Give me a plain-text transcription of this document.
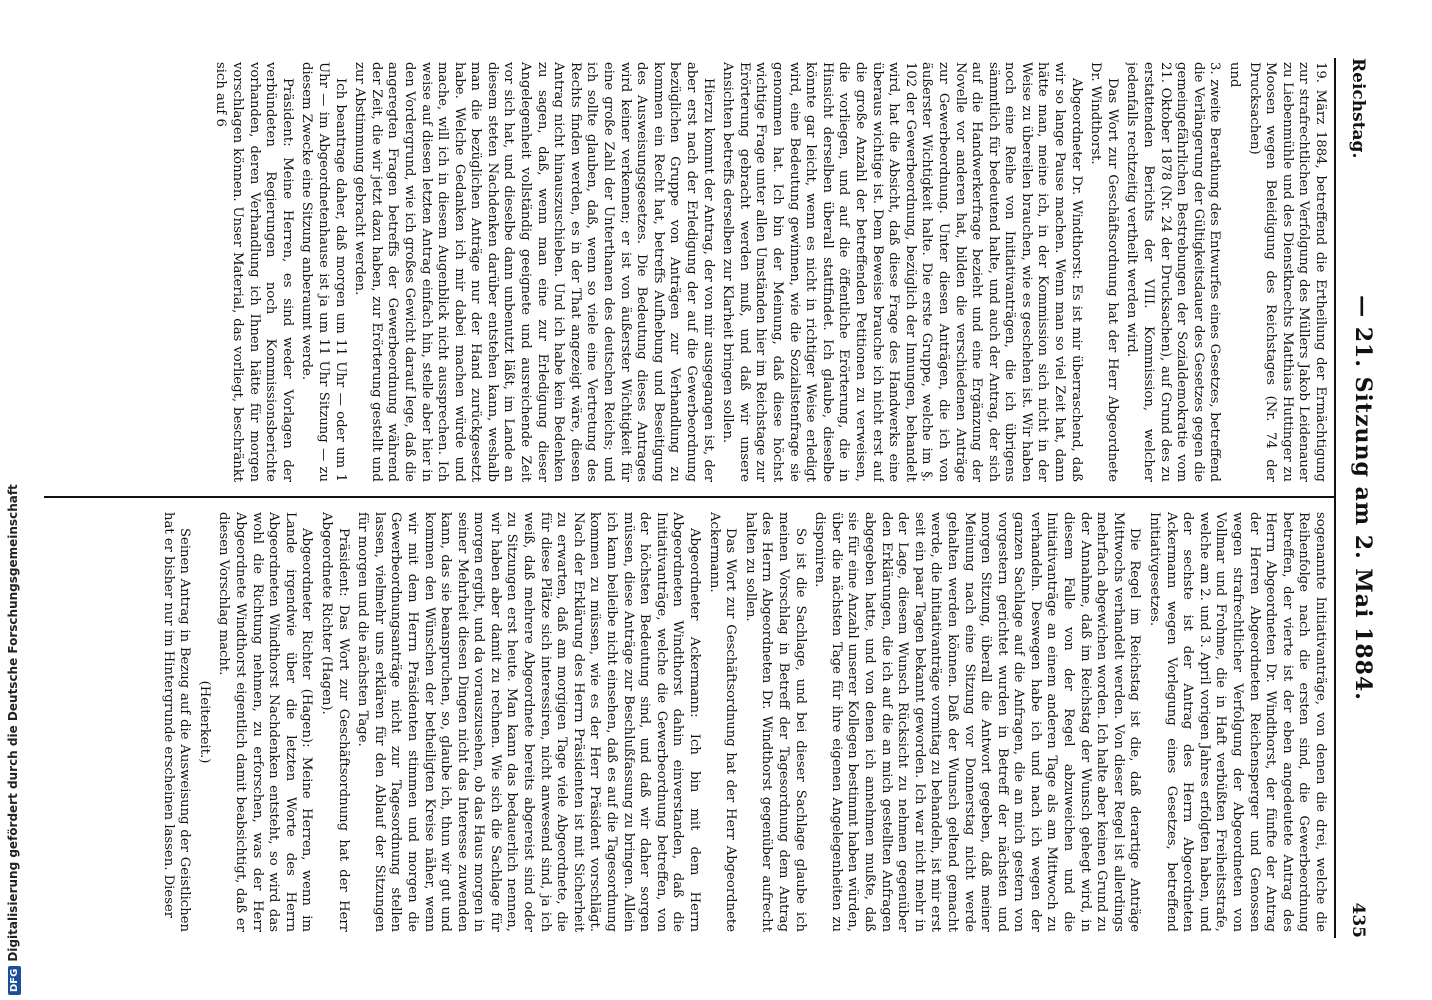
Reichstag.
— 21. Sitzung am 2. Mai 1884.
435

19. März 1884, betreffend die Ertheilung der Ermächtigung zur strafrechtlichen Verfolgung des Müllers Jakob Leidenauer zu Liebenmühle und des Dienstknechts Matthias Huttinger zu Moosen wegen Beleidigung des Reichstages (Nr. 74 der Drucksachen)

und

3. zweite Berathung des Entwurfes eines Gesetzes, betreffend die Verlängerung der Gültigkeitsdauer des Gesetzes gegen die gemeingefährlichen Bestrebungen der Sozialdemokratie vom 21. Oktober 1878 (Nr. 24 der Drucksachen), auf Grund des zu erstattenden Berichts der VIII. Kommission, welcher jedenfalls rechtzeitig vertheilt werden wird.

Das Wort zur Geschäftsordnung hat der Herr Abgeordnete Dr. Windthorst.

Abgeordneter Dr. Windthorst: Es ist mir überraschend, daß wir so lange Pause machen. Wenn man so viel Zeit hat, dann hätte man, meine ich, in der Kommission sich nicht in der Weise zu übereilen brauchen, wie es geschehen ist. Wir haben noch eine Reihe von Initiativanträgen, die ich übrigens sämmtlich für bedeutend halte, und auch der Antrag, der sich auf die Handwerkerfrage bezieht und eine Ergänzung der Novelle vor anderen hat, bilden die verschiedenen Anträge zur Gewerbeordnung. Unter diesen Anträgen, die ich von äußerster Wichtigkeit halte. Die erste Gruppe, welche im §. 102 der Gewerbeordnung, bezüglich der Innungen, behandelt wird, hat die Absicht, daß diese Frage des Handwerks eine überaus wichtige ist. Dem Beweise brauche ich nicht erst auf die große Anzahl der betreffenden Petitionen zu verweisen, die vorliegen, und auf die öffentliche Erörterung, die in Hinsicht derselben überall stattfindet. Ich glaube, dieselbe könnte gar leicht, wenn es nicht in richtiger Weise erledigt wird, eine Bedeutung gewinnen, wie die Sozialistenfrage sie genommen hat. Ich bin der Meinung, daß diese höchst wichtige Frage unter allen Umständen hier im Reichstage zur Erörterung gebracht werden muß, und daß wir unsere Ansichten betreffs derselben zur Klarheit bringen sollen.

Hierzu kommt der Antrag, der von mir ausgegangen ist, der aber erst nach der Erledigung der auf die Gewerbeordnung bezüglichen Gruppe von Anträgen zur Verhandlung zu kommen ein Recht hat, betreffs Aufhebung und Beseitigung des Ausweisungsgesetzes. Die Bedeutung dieses Antrages wird keiner verkennen; er ist von äußerster Wichtigkeit für eine große Zahl der Unterthanen des deutschen Reichs; und ich sollte glauben, daß, wenn so viele eine Vertretung des Rechts finden werden, es in der That angezeigt wäre, diesen Antrag nicht hinauszuschieben. Und ich habe kein Bedenken zu sagen, daß, wenn man eine zur Erledigung dieser Angelegenheit vollständig geeignete und ausreichende Zeit vor sich hat, und dieselbe dann unbenutzt läßt, im Lande an diesem steten Nachdenken darüber entstehen kann, weshalb man die bezüglichen Anträge nur der Hand zurückgesetzt habe. Welche Gedanken ich mir dabei machen würde und mache, will ich in diesem Augenblick nicht aussprechen. Ich weise auf diesen letzten Antrag einfach hin, stelle aber hier in den Vordergrund, wie ich großes Gewicht darauf lege, daß die angeregten Fragen betreffs der Gewerbeordnung während der Zeit, die wir jetzt dazu haben, zur Erörterung gestellt und zur Abstimmung gebracht werden.

Ich beantrage daher, daß morgen um 11 Uhr — oder um 1 Uhr — im Abgeordnetenhause ist ja um 11 Uhr Sitzung — zu diesem Zwecke eine Sitzung anberaumt werde.

Präsident: Meine Herren, es sind weder Vorlagen der verbündeten Regierungen noch Kommissionsberichte vorhanden, deren Verhandlung ich Ihnen hätte für morgen vorschlagen können. Unser Material, das vorliegt, beschränkt sich auf 6

sogenannte Initiativanträge, von denen die drei, welche die Reihenfolge nach die ersten sind, die Gewerbeordnung betreffen, der vierte ist der eben angedeutete Antrag des Herrn Abgeordneten Dr. Windthorst, der fünfte der Antrag der Herren Abgeordneten Reichensperger und Genossen wegen strafrechtlicher Verfolgung der Abgeordneten von Vollmar und Frohme, die in Haft verbüßten Freiheitsstrafe, welche am 2. und 3. April vorigen Jahres erfolgten haben, und der sechste ist der Antrag des Herrn Abgeordneten Ackermann wegen Vorlegung eines Gesetzes, betreffend Initiativgesetzes.

Die Regel im Reichstag ist die, daß derartige Anträge Mittwochs verhandelt werden. Von dieser Regel ist allerdings mehrfach abgewichen worden. Ich halte aber keinen Grund zu der Annahme, daß im Reichstag der Wunsch gehegt wird, in diesem Falle von der Regel abzuweichen und die Initiativanträge an einem anderen Tage als am Mittwoch zu verhandeln. Deswegen habe ich und nach ich wegen der ganzen Sachlage auf die Anfragen, die an mich gestern von vorgestern gerichtet wurden in Betreff der nächsten und morgen Sitzung, überall die Antwort gegeben, daß meiner Meinung nach eine Sitzung vor Donnerstag nicht werde gehalten werden können. Daß der Wunsch geltend gemacht werde, die Initiativanträge vormitag zu behandeln, ist mir erst seit ein paar Tagen bekannt geworden. Ich war nicht mehr in der Lage, diesem Wunsch Rücksicht zu nehmen gegenüber den Erklärungen, die ich auf die an mich gestellten Anfragen abgegeben hatte, und von denen ich annehmen mußte, daß sie für eine Anzahl unserer Kollegen bestimmt haben würden, über die nächsten Tage für ihre eigenen Angelegenheiten zu disponiren.

So ist die Sachlage, und bei dieser Sachlage glaube ich meinen Vorschlag in Betreff der Tagesordnung dem Antrag des Herrn Abgeordneten Dr. Windthorst gegenüber aufrecht halten zu sollen.

Das Wort zur Geschäftsordnung hat der Herr Abgeordnete Ackermann.

Abgeordneter Ackermann: Ich bin mit dem Herrn Abgeordneten Windthorst dahin einverstanden, daß die Initiativanträge, welche die Gewerbeordnung betreffen, von der höchsten Bedeutung sind, und daß wir daher sorgen müssen, diese Anträge zur Beschlußfassung zu bringen. Allein ich kann beileibe nicht einsehen, daß es auf die Tagesordnung kommen zu müssen, wie es der Herr Präsident vorschlägt. Nach der Erklärung des Herrn Präsidenten ist mit Sicherheit zu erwarten, daß am morgigen Tage viele Abgeordnete, die für diese Plätze sich interessiren, nicht anwesend sind, ja ich weiß, daß mehrere Abgeordnete bereits abgereist sind oder zu Sitzungen erst heute. Man kann das bedauerlich nennen, wir haben aber damit zu rechnen. Wie sich die Sachlage für morgen ergibt, und da vorauszusehen, ob das Haus morgen in seiner Mehrheit diesen Dingen nicht das Interesse zuwenden kann, das sie beanspruchen, so, glaube ich, thun wir gut und kommen den Wünschen der betheiligten Kreise näher, wenn wir mit dem Herrn Präsidenten stimmen und morgen die Gewerbeordnungsanträge nicht zur Tagesordnung stellen lassen, vielmehr uns erklären für den Ablauf der Sitzungen für morgen und die nächsten Tage.

Präsident: Das Wort zur Geschäftsordnung hat der Herr Abgeordnete Richter (Hagen).

Abgeordneter Richter (Hagen): Meine Herren, wenn im Lande irgendwie über die letzten Worte des Herrn Abgeordneten Windthorst Nachdenken entsteht, so wird das wohl die Richtung nehmen, zu erforschen, was der Herr Abgeordnete Windthorst eigentlich damit beabsichtigt, daß er diesen Vorschlag macht.

(Heiterkeit.)

Seinen Antrag in Bezug auf die Ausweisung der Geistlichen hat er bisher nur im Hintergrunde erscheinen lassen. Dieser

DFGDigitalisierung gefördert durch die Deutsche Forschungsgemeinschaft
